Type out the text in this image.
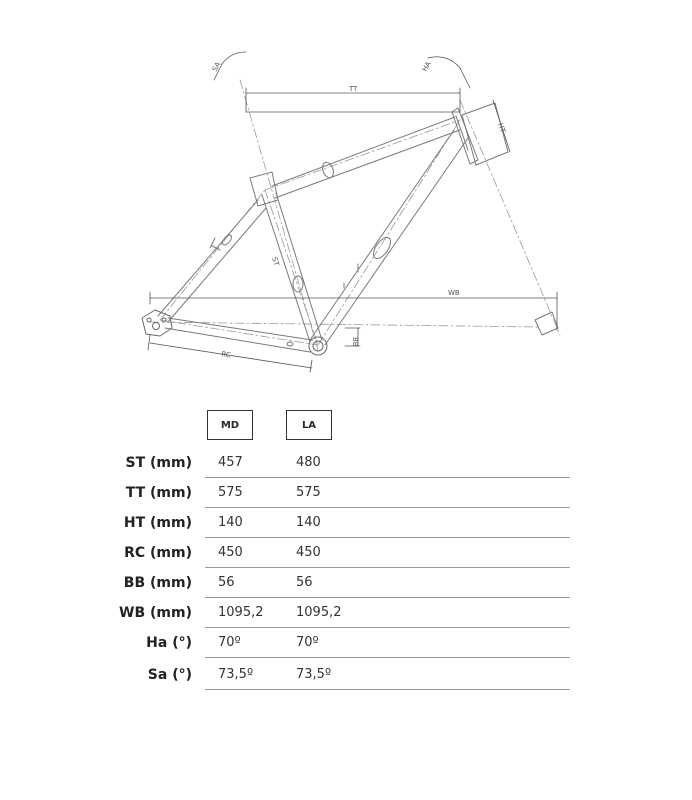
TT
HT
ST
RC
BB
WB
SA	HA
MD	LA
ST (mm) 457	480
TT (mm) 575	575
HT (mm) 140	140
RC (mm) 450	450
BB (mm) 56	56
WB (mm) 1095,2	1095,2
Ha (°) 70º	70º
Sa (°) 73,5º	73,5º
